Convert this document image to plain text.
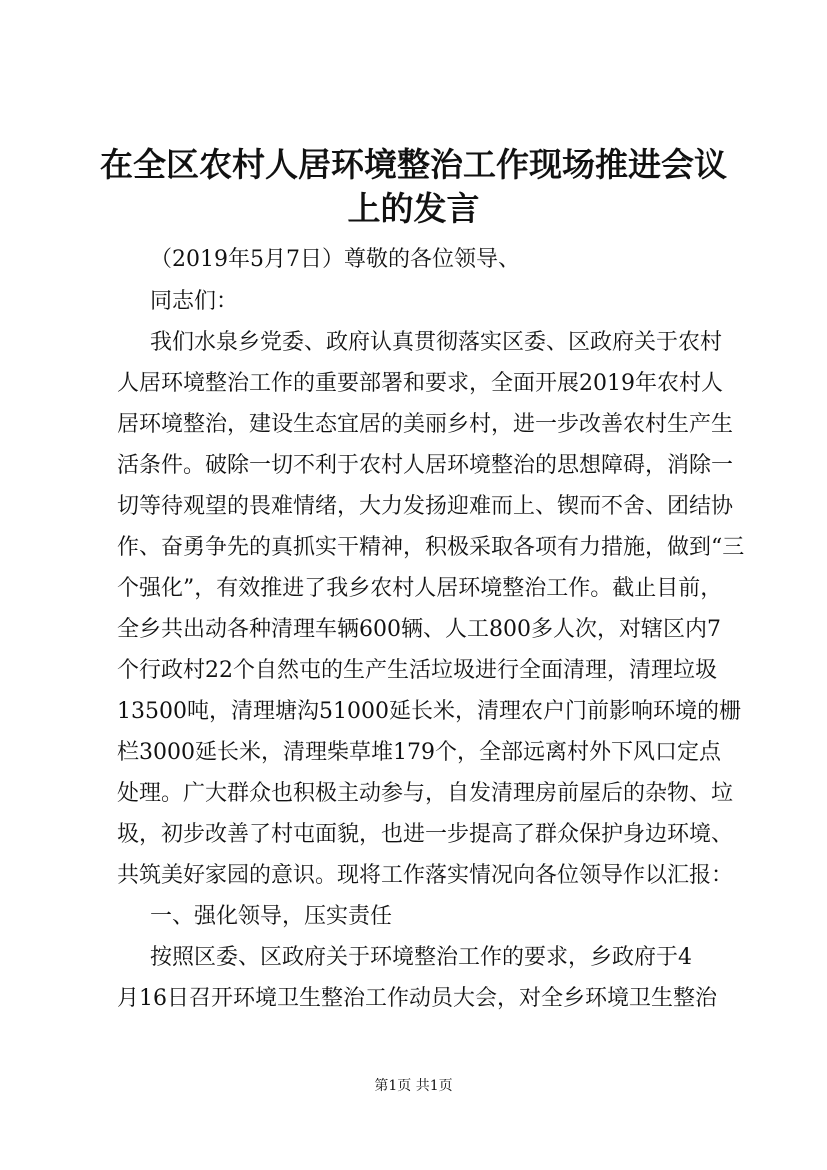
在全区农村人居环境整治工作现场推进会议上的发言
（2019年5月7日）尊敬的各位领导、
同志们：
我们水泉乡党委、政府认真贯彻落实区委、区政府关于农村
人居环境整治工作的重要部署和要求，全面开展2019年农村人
居环境整治，建设生态宜居的美丽乡村，进一步改善农村生产生
活条件。破除一切不利于农村人居环境整治的思想障碍，消除一
切等待观望的畏难情绪，大力发扬迎难而上、锲而不舍、团结协
作、奋勇争先的真抓实干精神，积极采取各项有力措施，做到“三
个强化”，有效推进了我乡农村人居环境整治工作。截止目前，
全乡共出动各种清理车辆600辆、人工800多人次，对辖区内7
个行政村22个自然屯的生产生活垃圾进行全面清理，清理垃圾
13500吨，清理塘沟51000延长米，清理农户门前影响环境的栅
栏3000延长米，清理柴草堆179个，全部远离村外下风口定点
处理。广大群众也积极主动参与，自发清理房前屋后的杂物、垃
圾，初步改善了村屯面貌，也进一步提高了群众保护身边环境、
共筑美好家园的意识。现将工作落实情况向各位领导作以汇报：
一、强化领导，压实责任
按照区委、区政府关于环境整治工作的要求，乡政府于4
月16日召开环境卫生整治工作动员大会，对全乡环境卫生整治
第1页 共1页
